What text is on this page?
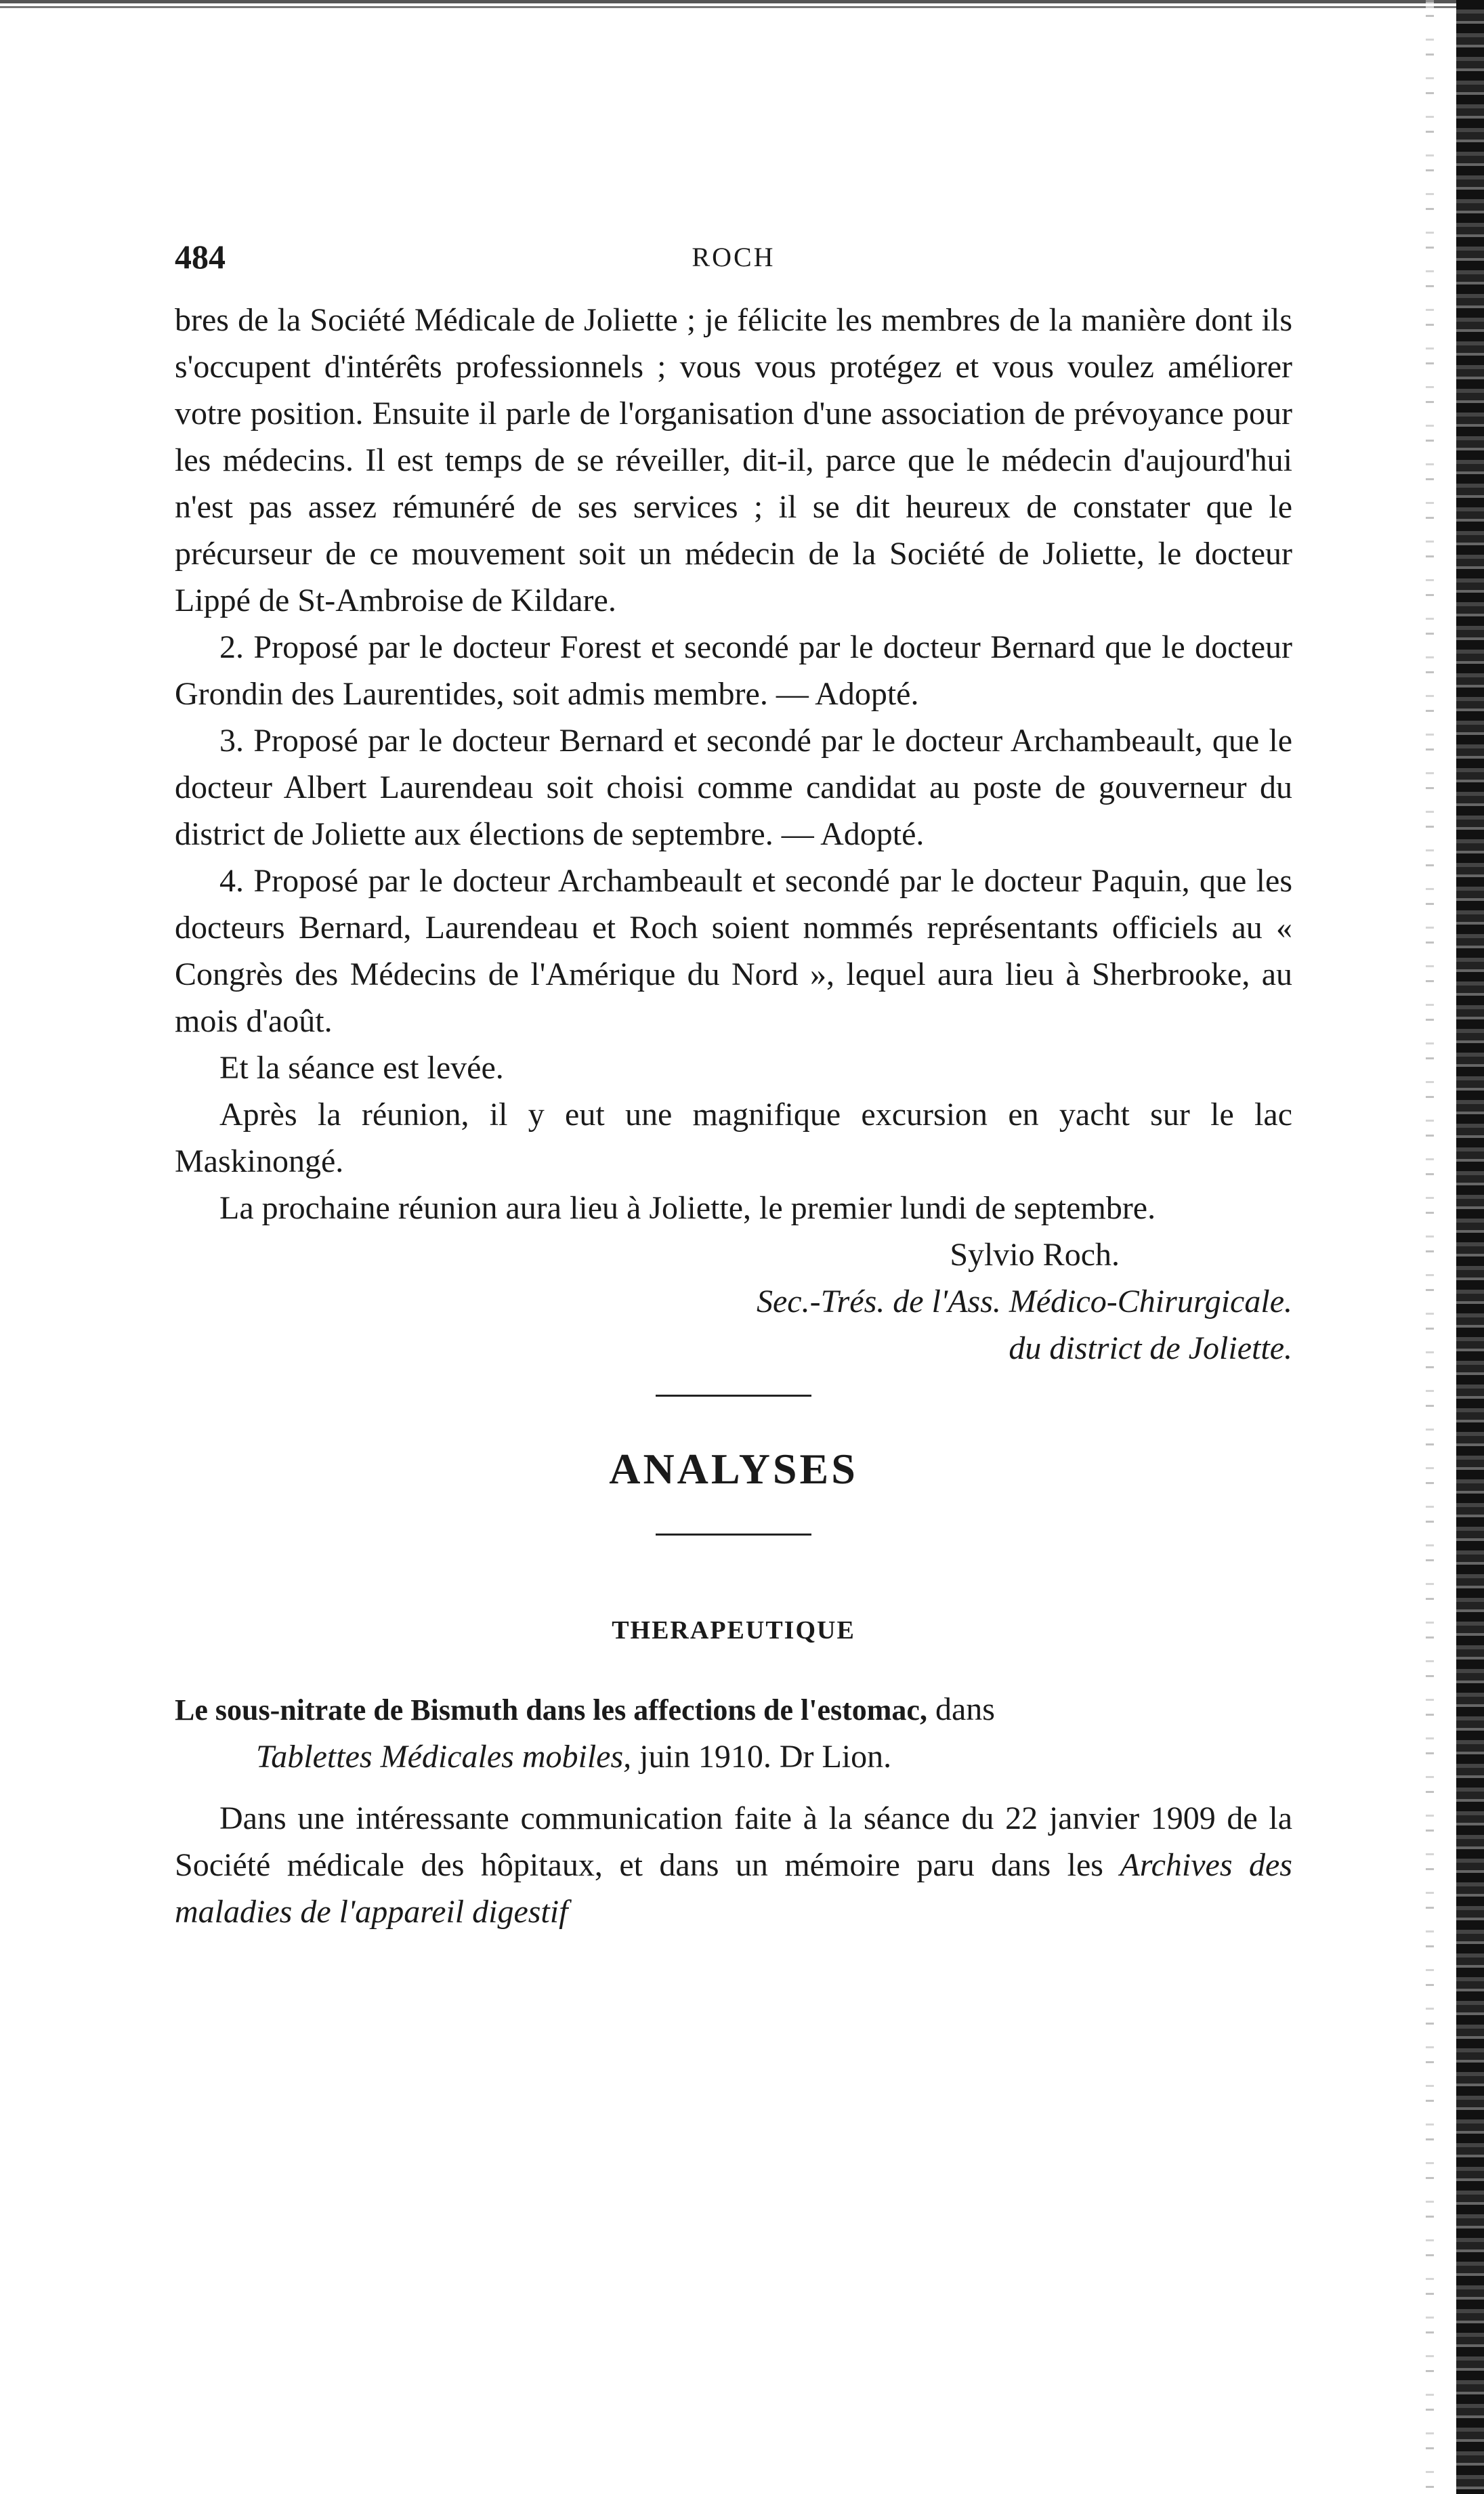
484	ROCH

bres de la Société Médicale de Joliette ; je félicite les membres de la manière dont ils s'occupent d'intérêts professionnels ; vous vous protégez et vous voulez améliorer votre position. Ensuite il parle de l'organisation d'une association de prévoyance pour les médecins. Il est temps de se réveiller, dit-il, parce que le médecin d'aujourd'hui n'est pas assez rémunéré de ses services ; il se dit heureux de constater que le précurseur de ce mouvement soit un médecin de la Société de Joliette, le docteur Lippé de St-Ambroise de Kildare.

2. Proposé par le docteur Forest et secondé par le docteur Bernard que le docteur Grondin des Laurentides, soit admis membre. — Adopté.

3. Proposé par le docteur Bernard et secondé par le docteur Archambeault, que le docteur Albert Laurendeau soit choisi comme candidat au poste de gouverneur du district de Joliette aux élections de septembre. — Adopté.

4. Proposé par le docteur Archambeault et secondé par le docteur Paquin, que les docteurs Bernard, Laurendeau et Roch soient nommés représentants officiels au « Congrès des Médecins de l'Amérique du Nord », lequel aura lieu à Sherbrooke, au mois d'août.

Et la séance est levée.

Après la réunion, il y eut une magnifique excursion en yacht sur le lac Maskinongé.

La prochaine réunion aura lieu à Joliette, le premier lundi de septembre.

Sylvio Roch.
Sec.-Trés. de l'Ass. Médico-Chirurgicale.
du district de Joliette.
ANALYSES
THERAPEUTIQUE
Le sous-nitrate de Bismuth dans les affections de l'estomac, dans
Tablettes Médicales mobiles, juin 1910. Dr Lion.
Dans une intéressante communication faite à la séance du 22 janvier 1909 de la Société médicale des hôpitaux, et dans un mémoire paru dans les Archives des maladies de l'appareil digestif
